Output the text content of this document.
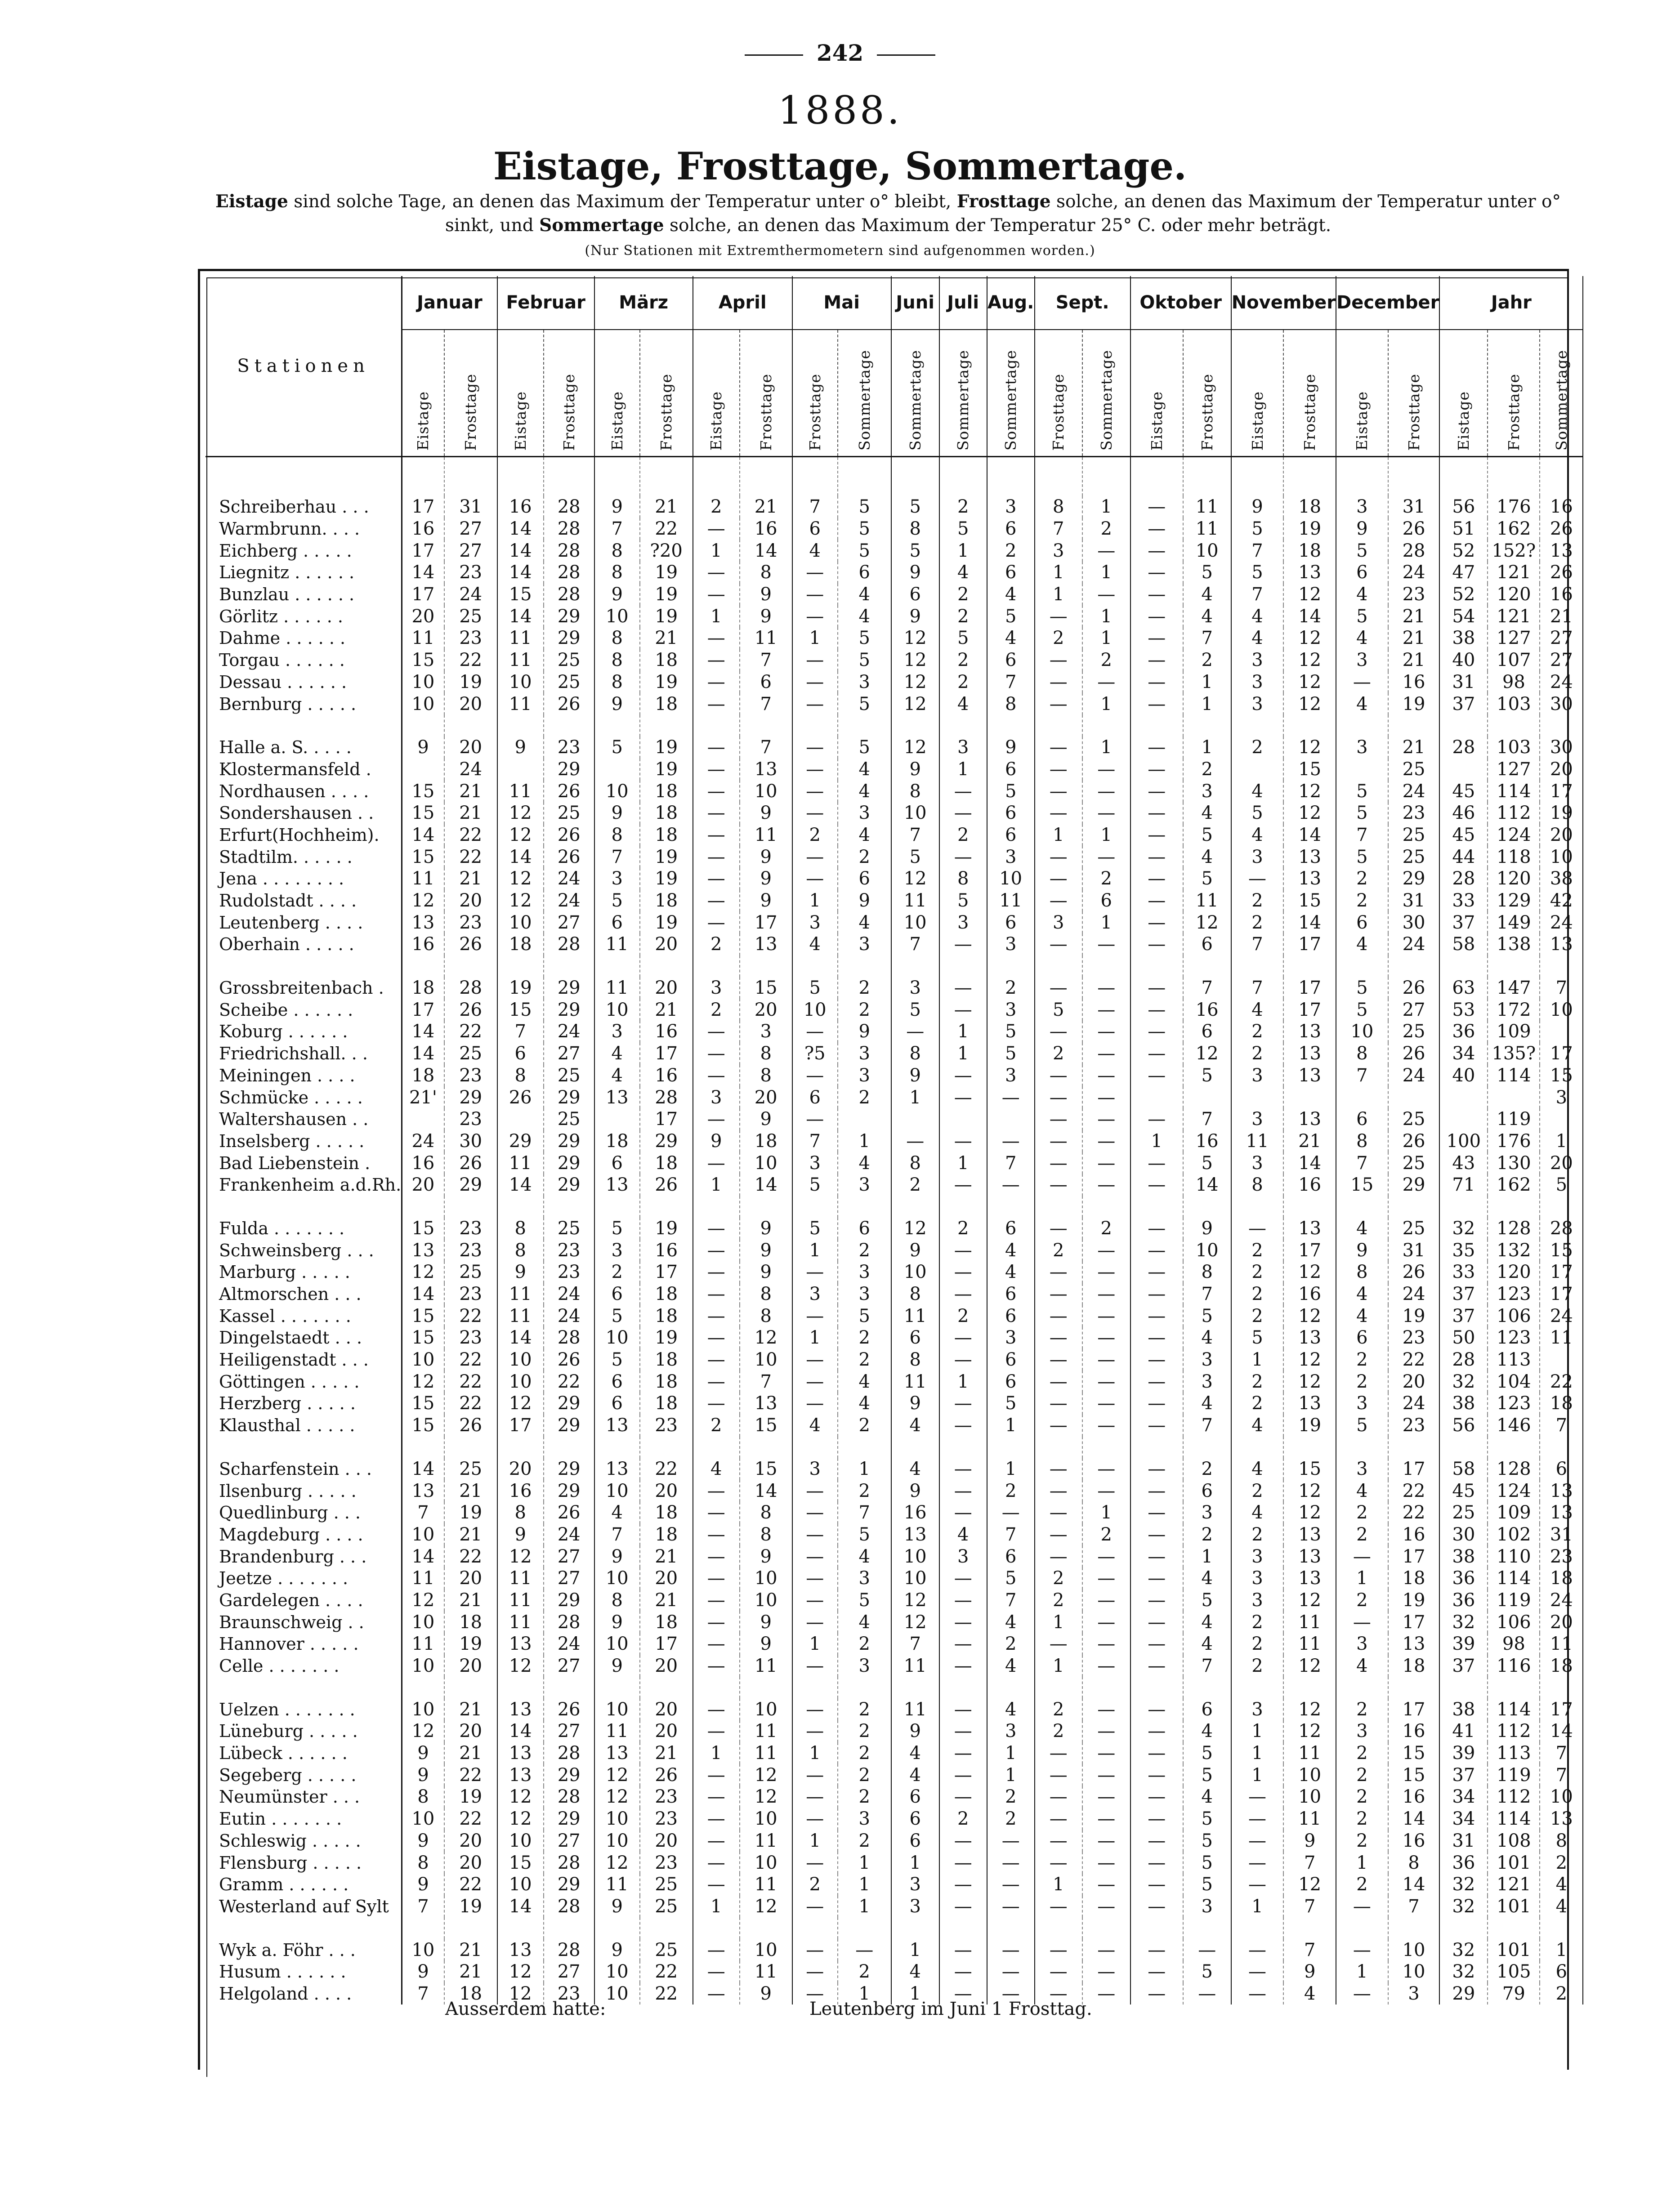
242
1888.
Eistage, Frosttage, Sommertage.
Eistage sind solche Tage, an denen das Maximum der Temperatur unter o° bleibt, Frosttage solche, an denen das Maximum der Temperatur unter o° sinkt, und Sommertage solche, an denen das Maximum der Temperatur 25° C. oder mehr beträgt.
(Nur Stationen mit Extremthermometern sind aufgenommen worden.)
Stationen	Januar		Februar		März		April		Mai		Juni	Juli	Aug.	Sept.		Oktober		November		December		Jahr		
	Eistage	Frosttage	Eistage	Frosttage	Eistage	Frosttage	Eistage	Frosttage	Frosttage	Sommertage	Sommertage	Sommertage	Sommertage	Frosttage	Sommertage	Eistage	Frosttage	Eistage	Frosttage	Eistage	Frosttage	Eistage	Frosttage	Sommertage

Schreiberhau . . .	17	31	16	28	9	21	2	21	7	5	5	2	3	8	1	—	11	9	18	3	31	56	176	16
Warmbrunn. . . .	16	27	14	28	7	22	—	16	6	5	8	5	6	7	2	—	11	5	19	9	26	51	162	26
Eichberg . . . . .	17	27	14	28	8	?20	1	14	4	5	5	1	2	3	—	—	10	7	18	5	28	52	152?	13
Liegnitz . . . . . .	14	23	14	28	8	19	—	8	—	6	9	4	6	1	1	—	5	5	13	6	24	47	121	26
Bunzlau . . . . . .	17	24	15	28	9	19	—	9	—	4	6	2	4	1	—	—	4	7	12	4	23	52	120	16
Görlitz . . . . . .	20	25	14	29	10	19	1	9	—	4	9	2	5	—	1	—	4	4	14	5	21	54	121	21
Dahme . . . . . .	11	23	11	29	8	21	—	11	1	5	12	5	4	2	1	—	7	4	12	4	21	38	127	27
Torgau . . . . . .	15	22	11	25	8	18	—	7	—	5	12	2	6	—	2	—	2	3	12	3	21	40	107	27
Dessau . . . . . .	10	19	10	25	8	19	—	6	—	3	12	2	7	—	—	—	1	3	12	—	16	31	98	24
Bernburg . . . . .	10	20	11	26	9	18	—	7	—	5	12	4	8	—	1	—	1	3	12	4	19	37	103	30

Halle a. S. . . . .	9	20	9	23	5	19	—	7	—	5	12	3	9	—	1	—	1	2	12	3	21	28	103	30
Klostermansfeld .		24		29		19	—	13	—	4	9	1	6	—	—	—	2		15		25		127	20
Nordhausen . . . .	15	21	11	26	10	18	—	10	—	4	8	—	5	—	—	—	3	4	12	5	24	45	114	17
Sondershausen . .	15	21	12	25	9	18	—	9	—	3	10	—	6	—	—	—	4	5	12	5	23	46	112	19
Erfurt(Hochheim).	14	22	12	26	8	18	—	11	2	4	7	2	6	1	1	—	5	4	14	7	25	45	124	20
Stadtilm. . . . . .	15	22	14	26	7	19	—	9	—	2	5	—	3	—	—	—	4	3	13	5	25	44	118	10
Jena . . . . . . . .	11	21	12	24	3	19	—	9	—	6	12	8	10	—	2	—	5	—	13	2	29	28	120	38
Rudolstadt . . . .	12	20	12	24	5	18	—	9	1	9	11	5	11	—	6	—	11	2	15	2	31	33	129	42
Leutenberg . . . .	13	23	10	27	6	19	—	17	3	4	10	3	6	3	1	—	12	2	14	6	30	37	149	24
Oberhain . . . . .	16	26	18	28	11	20	2	13	4	3	7	—	3	—	—	—	6	7	17	4	24	58	138	13

Grossbreitenbach .	18	28	19	29	11	20	3	15	5	2	3	—	2	—	—	—	7	7	17	5	26	63	147	7
Scheibe . . . . . .	17	26	15	29	10	21	2	20	10	2	5	—	3	5	—	—	16	4	17	5	27	53	172	10
Koburg . . . . . .	14	22	7	24	3	16	—	3	—	9	—	1	5	—	—	—	6	2	13	10	25	36	109	
Friedrichshall. . .	14	25	6	27	4	17	—	8	?5	3	8	1	5	2	—	—	12	2	13	8	26	34	135?	17
Meiningen . . . .	18	23	8	25	4	16	—	8	—	3	9	—	3	—	—	—	5	3	13	7	24	40	114	15
Schmücke . . . . .	21'	29	26	29	13	28	3	20	6	2	1	—	—	—	—									3
Waltershausen . .		23		25		17	—	9	—					—	—	—	7	3	13	6	25		119	
Inselsberg . . . . .	24	30	29	29	18	29	9	18	7	1	—	—	—	—	—	1	16	11	21	8	26	100	176	1
Bad Liebenstein .	16	26	11	29	6	18	—	10	3	4	8	1	7	—	—	—	5	3	14	7	25	43	130	20
Frankenheim a.d.Rh.	20	29	14	29	13	26	1	14	5	3	2	—	—	—	—	—	14	8	16	15	29	71	162	5

Fulda . . . . . . .	15	23	8	25	5	19	—	9	5	6	12	2	6	—	2	—	9	—	13	4	25	32	128	28
Schweinsberg . . .	13	23	8	23	3	16	—	9	1	2	9	—	4	2	—	—	10	2	17	9	31	35	132	15
Marburg . . . . .	12	25	9	23	2	17	—	9	—	3	10	—	4	—	—	—	8	2	12	8	26	33	120	17
Altmorschen . . .	14	23	11	24	6	18	—	8	3	3	8	—	6	—	—	—	7	2	16	4	24	37	123	17
Kassel . . . . . . .	15	22	11	24	5	18	—	8	—	5	11	2	6	—	—	—	5	2	12	4	19	37	106	24
Dingelstaedt . . .	15	23	14	28	10	19	—	12	1	2	6	—	3	—	—	—	4	5	13	6	23	50	123	11
Heiligenstadt . . .	10	22	10	26	5	18	—	10	—	2	8	—	6	—	—	—	3	1	12	2	22	28	113	
Göttingen . . . . .	12	22	10	22	6	18	—	7	—	4	11	1	6	—	—	—	3	2	12	2	20	32	104	22
Herzberg . . . . .	15	22	12	29	6	18	—	13	—	4	9	—	5	—	—	—	4	2	13	3	24	38	123	18
Klausthal . . . . .	15	26	17	29	13	23	2	15	4	2	4	—	1	—	—	—	7	4	19	5	23	56	146	7

Scharfenstein . . .	14	25	20	29	13	22	4	15	3	1	4	—	1	—	—	—	2	4	15	3	17	58	128	6
Ilsenburg . . . . .	13	21	16	29	10	20	—	14	—	2	9	—	2	—	—	—	6	2	12	4	22	45	124	13
Quedlinburg . . .	7	19	8	26	4	18	—	8	—	7	16	—	—	—	1	—	3	4	12	2	22	25	109	13
Magdeburg . . . .	10	21	9	24	7	18	—	8	—	5	13	4	7	—	2	—	2	2	13	2	16	30	102	31
Brandenburg . . .	14	22	12	27	9	21	—	9	—	4	10	3	6	—	—	—	1	3	13	—	17	38	110	23
Jeetze . . . . . . .	11	20	11	27	10	20	—	10	—	3	10	—	5	2	—	—	4	3	13	1	18	36	114	18
Gardelegen . . . .	12	21	11	29	8	21	—	10	—	5	12	—	7	2	—	—	5	3	12	2	19	36	119	24
Braunschweig . .	10	18	11	28	9	18	—	9	—	4	12	—	4	1	—	—	4	2	11	—	17	32	106	20
Hannover . . . . .	11	19	13	24	10	17	—	9	1	2	7	—	2	—	—	—	4	2	11	3	13	39	98	11
Celle . . . . . . .	10	20	12	27	9	20	—	11	—	3	11	—	4	1	—	—	7	2	12	4	18	37	116	18

Uelzen . . . . . . .	10	21	13	26	10	20	—	10	—	2	11	—	4	2	—	—	6	3	12	2	17	38	114	17
Lüneburg . . . . .	12	20	14	27	11	20	—	11	—	2	9	—	3	2	—	—	4	1	12	3	16	41	112	14
Lübeck . . . . . .	9	21	13	28	13	21	1	11	1	2	4	—	1	—	—	—	5	1	11	2	15	39	113	7
Segeberg . . . . .	9	22	13	29	12	26	—	12	—	2	4	—	1	—	—	—	5	1	10	2	15	37	119	7
Neumünster . . .	8	19	12	28	12	23	—	12	—	2	6	—	2	—	—	—	4	—	10	2	16	34	112	10
Eutin . . . . . . .	10	22	12	29	10	23	—	10	—	3	6	2	2	—	—	—	5	—	11	2	14	34	114	13
Schleswig . . . . .	9	20	10	27	10	20	—	11	1	2	6	—	—	—	—	—	5	—	9	2	16	31	108	8
Flensburg . . . . .	8	20	15	28	12	23	—	10	—	1	1	—	—	—	—	—	5	—	7	1	8	36	101	2
Gramm . . . . . .	9	22	10	29	11	25	—	11	2	1	3	—	—	1	—	—	5	—	12	2	14	32	121	4
Westerland auf Sylt	7	19	14	28	9	25	1	12	—	1	3	—	—	—	—	—	3	1	7	—	7	32	101	4

Wyk a. Föhr . . .	10	21	13	28	9	25	—	10	—	—	1	—	—	—	—	—	—	—	7	—	10	32	101	1
Husum . . . . . .	9	21	12	27	10	22	—	11	—	2	4	—	—	—	—	—	5	—	9	1	10	32	105	6
Helgoland . . . .	7	18	12	23	10	22	—	9	—	1	1	—	—	—	—	—	—	—	4	—	3	29	79	2
Ausserdem hatte:	Leutenberg im Juni 1 Frosttag.
